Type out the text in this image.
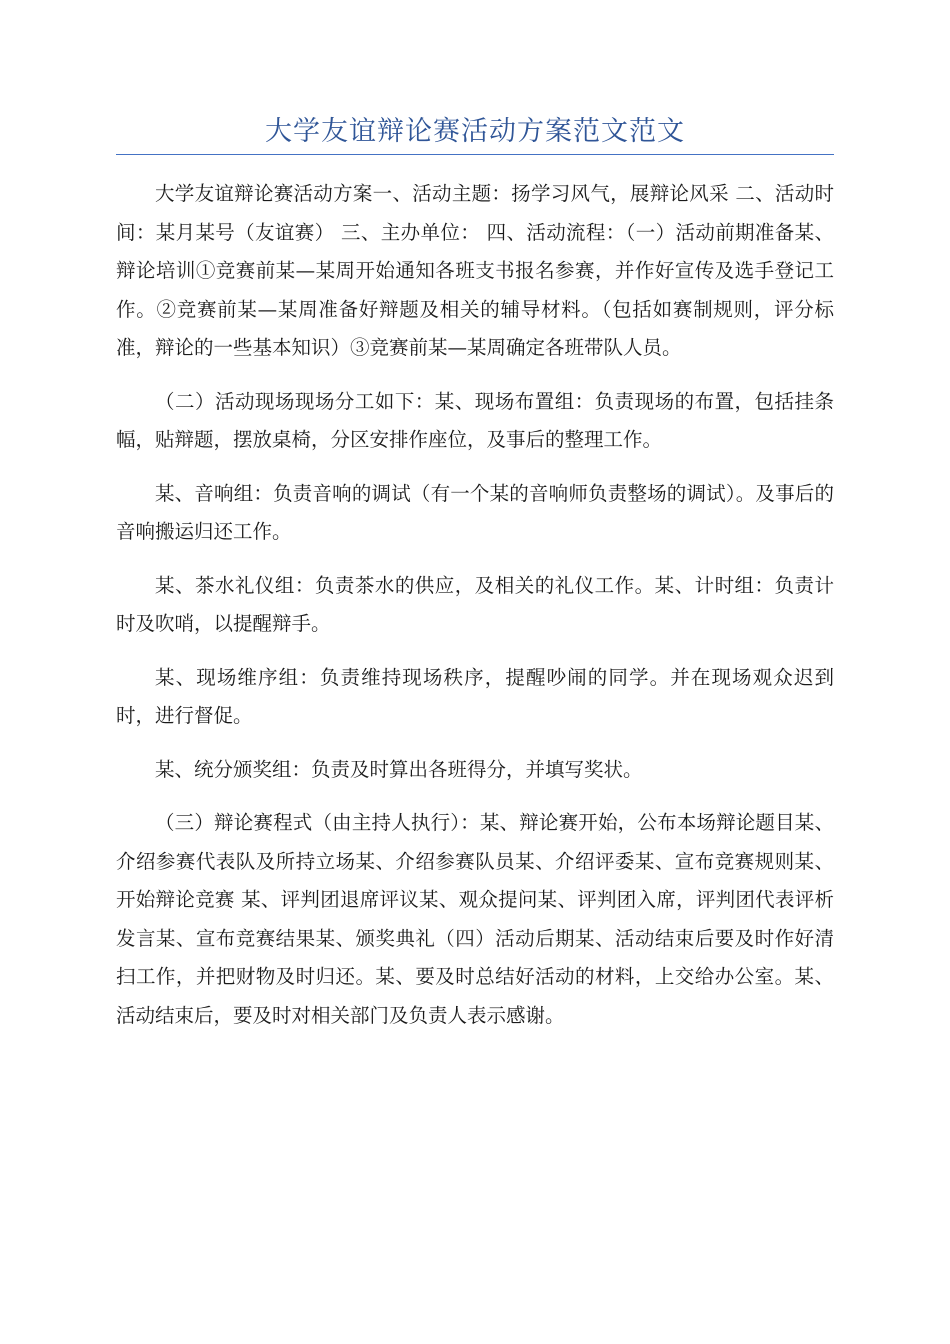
大学友谊辩论赛活动方案范文范文

大学友谊辩论赛活动方案一、活动主题：扬学习风气，展辩论风采 二、活动时间：某月某号（友谊赛） 三、主办单位： 四、活动流程：（一）活动前期准备某、辩论培训①竞赛前某—某周开始通知各班支书报名参赛，并作好宣传及选手登记工作。②竞赛前某—某周准备好辩题及相关的辅导材料。（包括如赛制规则，评分标准，辩论的一些基本知识）③竞赛前某—某周确定各班带队人员。

（二）活动现场现场分工如下：某、现场布置组：负责现场的布置，包括挂条幅，贴辩题，摆放桌椅，分区安排作座位，及事后的整理工作。

某、音响组：负责音响的调试（有一个某的音响师负责整场的调试）。及事后的音响搬运归还工作。

某、茶水礼仪组：负责茶水的供应，及相关的礼仪工作。某、计时组：负责计时及吹哨，以提醒辩手。

某、现场维序组：负责维持现场秩序，提醒吵闹的同学。并在现场观众迟到时，进行督促。

某、统分颁奖组：负责及时算出各班得分，并填写奖状。

（三）辩论赛程式（由主持人执行）：某、辩论赛开始，公布本场辩论题目某、介绍参赛代表队及所持立场某、介绍参赛队员某、介绍评委某、宣布竞赛规则某、开始辩论竞赛 某、评判团退席评议某、观众提问某、评判团入席，评判团代表评析发言某、宣布竞赛结果某、颁奖典礼（四）活动后期某、活动结束后要及时作好清扫工作，并把财物及时归还。某、要及时总结好活动的材料，上交给办公室。某、活动结束后，要及时对相关部门及负责人表示感谢。
